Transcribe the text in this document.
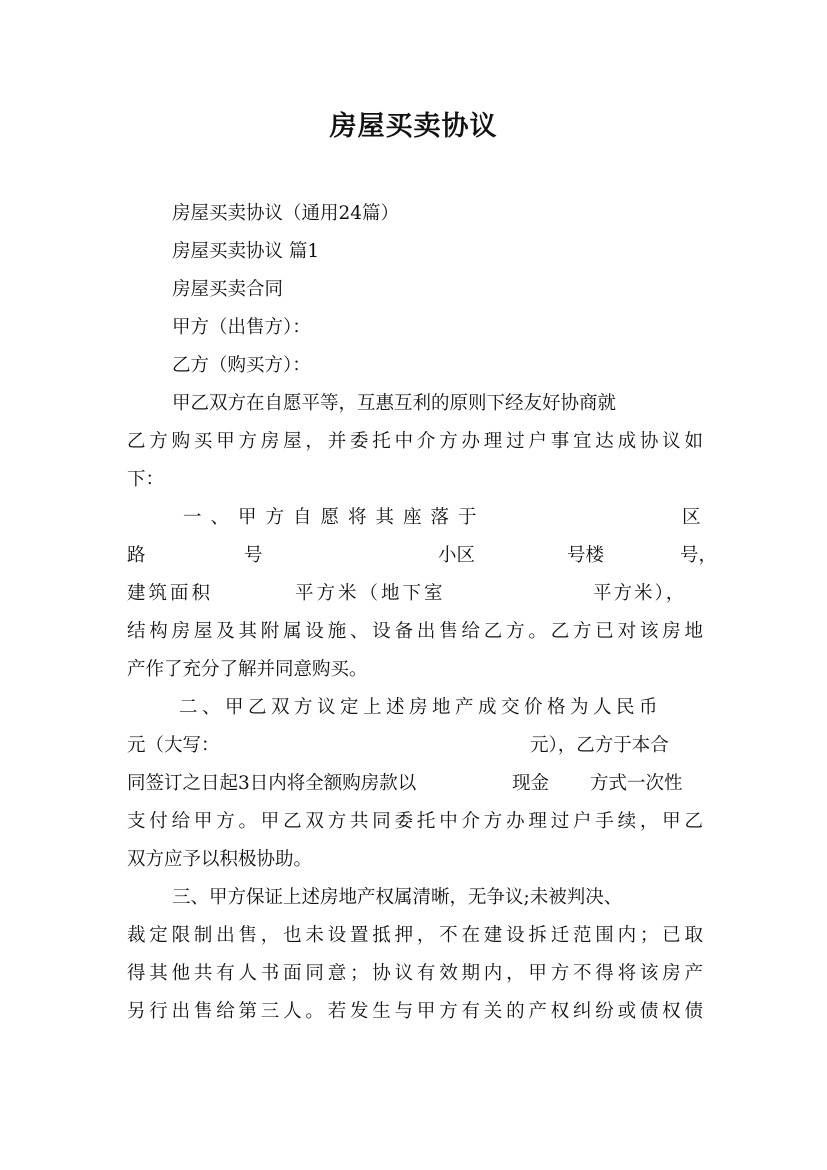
房屋买卖协议
房屋买卖协议（通用24篇）
房屋买卖协议 篇1
房屋买卖合同
甲方（出售方）：
乙方（购买方）：
甲乙双方在自愿平等，互惠互利的原则下经友好协商就
乙方购买甲方房屋，并委托中介方办理过户事宜达成协议如
下：
一、甲方自愿将其座落于	区
路	号	小区	号楼	号，
建筑面积	平方米（地下室	平方米），
结构房屋及其附属设施、设备出售给乙方。乙方已对该房地
产作了充分了解并同意购买。
二、甲乙双方议定上述房地产成交价格为人民币
元（大写：	元），乙方于本合
同签订之日起3日内将全额购房款以	现金 方式一次性
支付给甲方。甲乙双方共同委托中介方办理过户手续，甲乙
双方应予以积极协助。
三、甲方保证上述房地产权属清晰，无争议;未被判决、
裁定限制出售，也未设置抵押，不在建设拆迁范围内；已取
得其他共有人书面同意；协议有效期内，甲方不得将该房产
另行出售给第三人。若发生与甲方有关的产权纠纷或债权债
